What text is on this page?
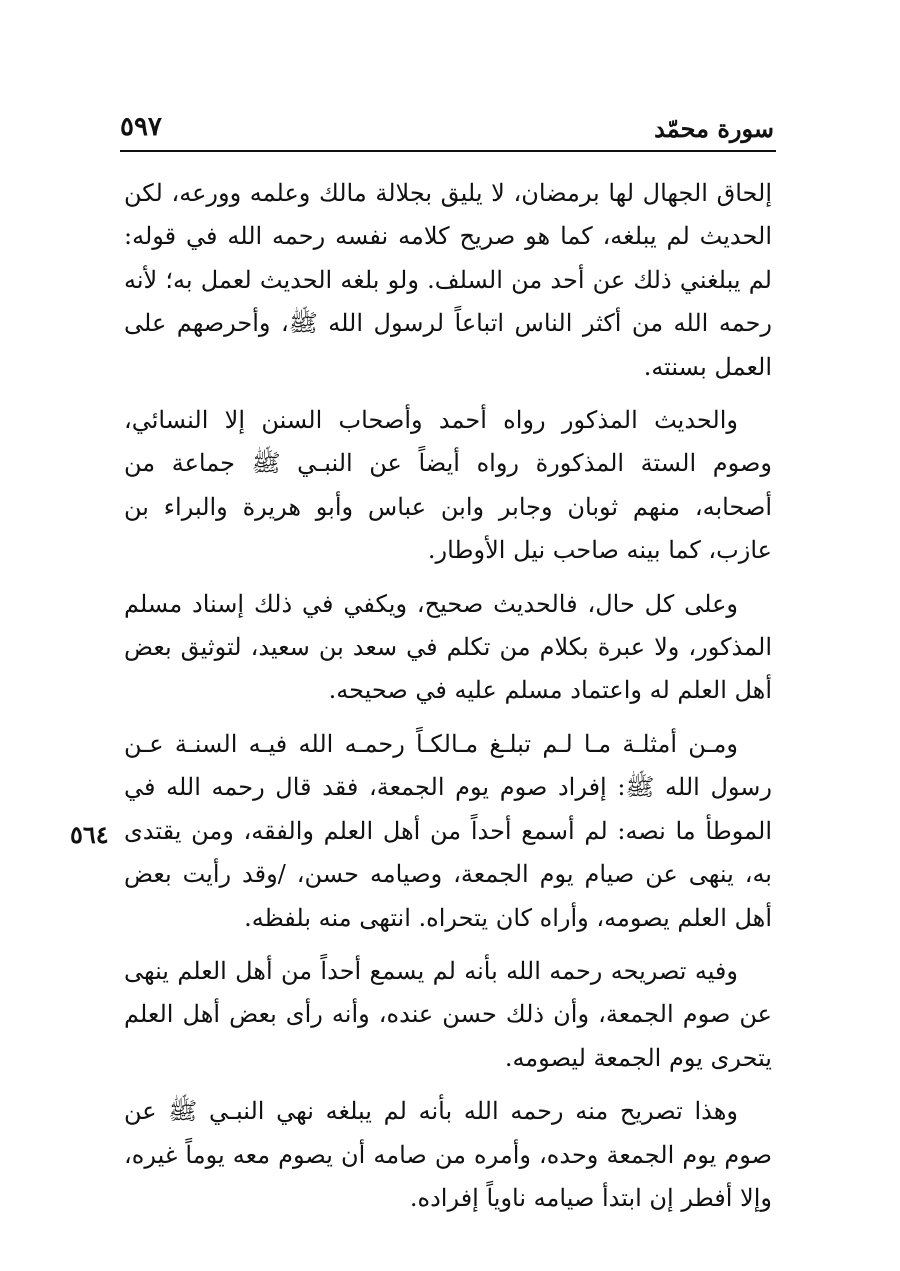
سورة محمّد
٥٩٧

إلحاق الجهال لها برمضان، لا يليق بجلالة مالك وعلمه وورعه، لكن الحديث لم يبلغه، كما هو صريح كلامه نفسه رحمه الله في قوله: لم يبلغني ذلك عن أحد من السلف. ولو بلغه الحديث لعمل به؛ لأنه رحمه الله من أكثر الناس اتباعاً لرسول الله ﷺ، وأحرصهم على العمل بسنته.

والحديث المذكور رواه أحمد وأصحاب السنن إلا النسائي، وصوم الستة المذكورة رواه أيضاً عن النبـي ﷺ جماعة من أصحابه، منهم ثوبان وجابر وابن عباس وأبو هريرة والبراء بن عازب، كما بينه صاحب نيل الأوطار.

وعلى كل حال، فالحديث صحيح، ويكفي في ذلك إسناد مسلم المذكور، ولا عبرة بكلام من تكلم في سعد بن سعيد، لتوثيق بعض أهل العلم له واعتماد مسلم عليه في صحيحه.

ومـن أمثلـة مـا لـم تبلـغ مـالكـاً رحمـه الله فيـه السنـة عـن رسول الله ﷺ: إفراد صوم يوم الجمعة، فقد قال رحمه الله في الموطأ ما نصه: لم أسمع أحداً من أهل العلم والفقه، ومن يقتدى به، ينهى عن صيام يوم الجمعة، وصيامه حسن، /وقد رأيت بعض أهل العلم يصومه، وأراه كان يتحراه. انتهى منه بلفظه.

وفيه تصريحه رحمه الله بأنه لم يسمع أحداً من أهل العلم ينهى عن صوم الجمعة، وأن ذلك حسن عنده، وأنه رأى بعض أهل العلم يتحرى يوم الجمعة ليصومه.

وهذا تصريح منه رحمه الله بأنه لم يبلغه نهي النبـي ﷺ عن صوم يوم الجمعة وحده، وأمره من صامه أن يصوم معه يوماً غيره، وإلا أفطر إن ابتدأ صيامه ناوياً إفراده.

٥٦٤
